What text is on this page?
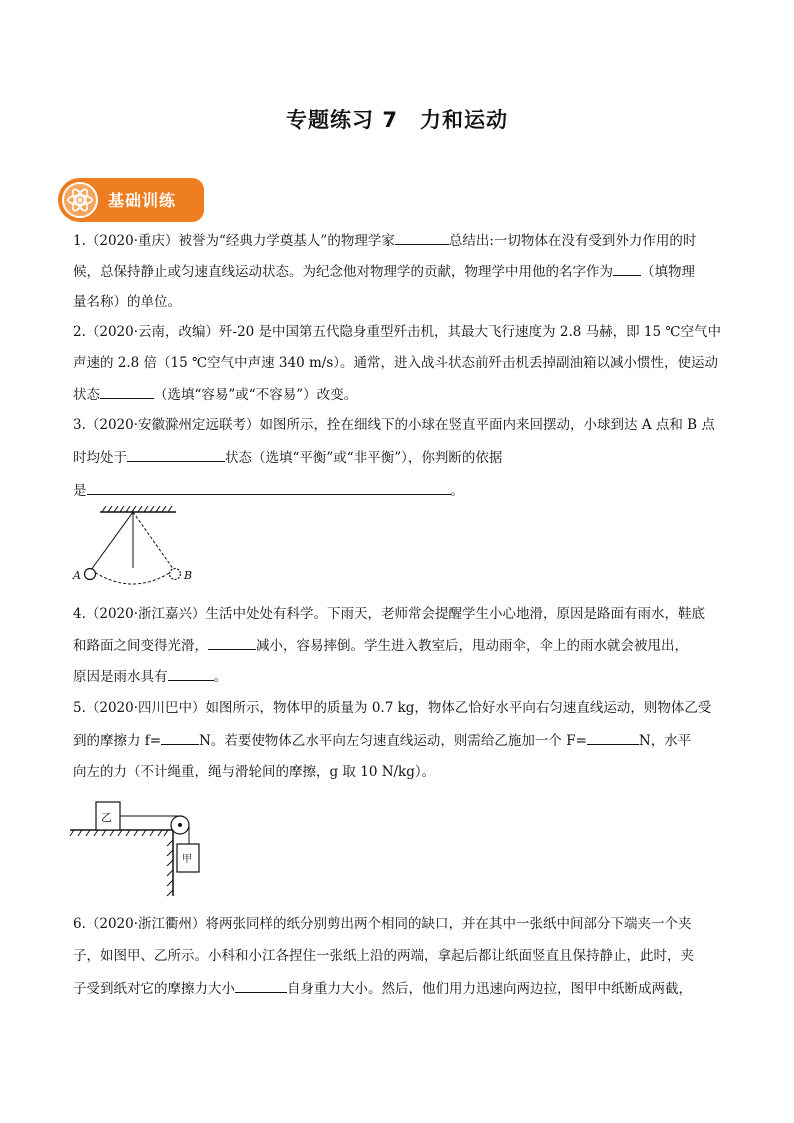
专题练习 7　力和运动
基础训练
1.（2020·重庆）被誉为“经典力学奠基人”的物理学家	总结出:一切物体在没有受到外力作用的时
候，总保持静止或匀速直线运动状态。为纪念他对物理学的贡献，物理学中用他的名字作为 （填物理
量名称）的单位。
2.（2020·云南，改编）歼-20 是中国第五代隐身重型歼击机，其最大飞行速度为 2.8 马赫，即 15 ℃空气中
声速的 2.8 倍（15 ℃空气中声速 340 m/s）。通常，进入战斗状态前歼击机丢掉副油箱以减小惯性，使运动
状态	（选填“容易”或“不容易”）改变。
3.（2020·安徽滁州定远联考）如图所示，拴在细线下的小球在竖直平面内来回摆动，小球到达 A 点和 B 点
时均处于	状态（选填“平衡”或“非平衡”），你判断的依据
是	。
A	B
4.（2020·浙江嘉兴）生活中处处有科学。下雨天，老师常会提醒学生小心地滑，原因是路面有雨水，鞋底
和路面之间变得光滑，	减小，容易摔倒。学生进入教室后，甩动雨伞，伞上的雨水就会被甩出，
原因是雨水具有	。
5.（2020·四川巴中）如图所示，物体甲的质量为 0.7 kg，物体乙恰好水平向右匀速直线运动，则物体乙受
到的摩擦力 f=	N。若要使物体乙水平向左匀速直线运动，则需给乙施加一个 F=	N，水平
向左的力（不计绳重，绳与滑轮间的摩擦，g 取 10 N/kg）。
乙
甲
6.（2020·浙江衢州）将两张同样的纸分别剪出两个相同的缺口，并在其中一张纸中间部分下端夹一个夹
子，如图甲、乙所示。小科和小江各捏住一张纸上沿的两端，拿起后都让纸面竖直且保持静止，此时，夹
子受到纸对它的摩擦力大小	自身重力大小。然后，他们用力迅速向两边拉，图甲中纸断成两截，
